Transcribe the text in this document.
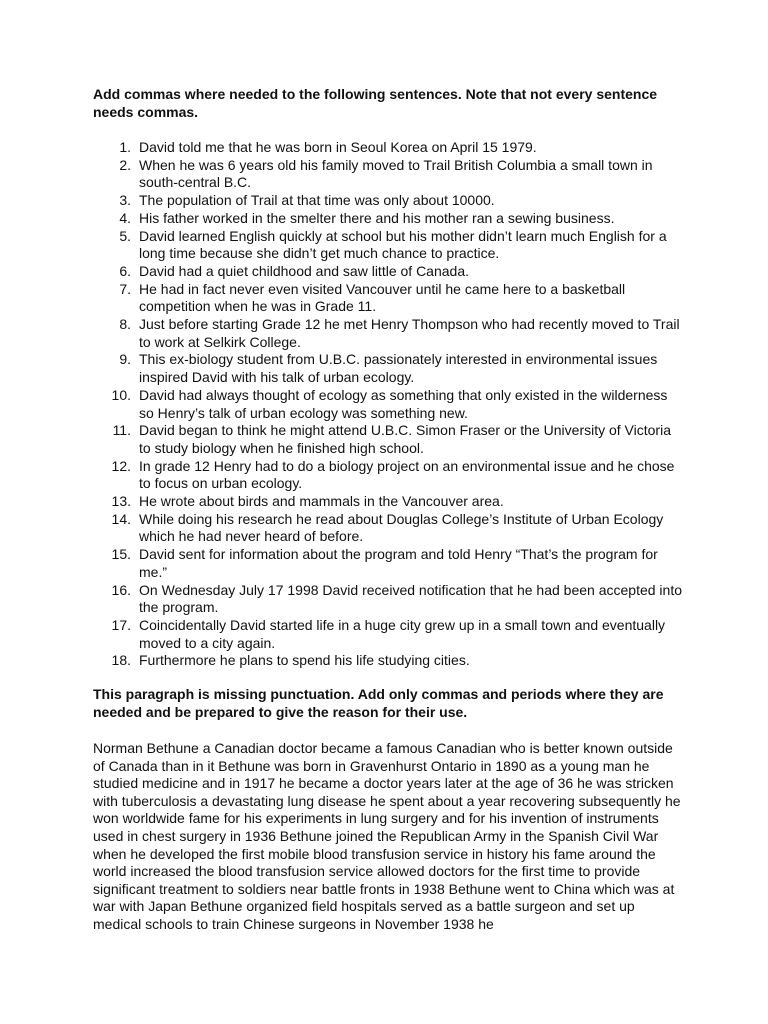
Add commas where needed to the following sentences. Note that not every sentence needs commas.

1. David told me that he was born in Seoul Korea on April 15 1979.
2. When he was 6 years old his family moved to Trail British Columbia a small town in south-central B.C.
3. The population of Trail at that time was only about 10000.
4. His father worked in the smelter there and his mother ran a sewing business.
5. David learned English quickly at school but his mother didn’t learn much English for a long time because she didn’t get much chance to practice.
6. David had a quiet childhood and saw little of Canada.
7. He had in fact never even visited Vancouver until he came here to a basketball competition when he was in Grade 11.
8. Just before starting Grade 12 he met Henry Thompson who had recently moved to Trail to work at Selkirk College.
9. This ex-biology student from U.B.C. passionately interested in environmental issues inspired David with his talk of urban ecology.
10. David had always thought of ecology as something that only existed in the wilderness so Henry’s talk of urban ecology was something new.
11. David began to think he might attend U.B.C. Simon Fraser or the University of Victoria to study biology when he finished high school.
12. In grade 12 Henry had to do a biology project on an environmental issue and he chose to focus on urban ecology.
13. He wrote about birds and mammals in the Vancouver area.
14. While doing his research he read about Douglas College’s Institute of Urban Ecology which he had never heard of before.
15. David sent for information about the program and told Henry “That’s the program for me.”
16. On Wednesday July 17 1998 David received notification that he had been accepted into the program.
17. Coincidentally David started life in a huge city grew up in a small town and eventually moved to a city again.
18. Furthermore he plans to spend his life studying cities.

This paragraph is missing punctuation. Add only commas and periods where they are needed and be prepared to give the reason for their use.

Norman Bethune a Canadian doctor became a famous Canadian who is better known outside of Canada than in it Bethune was born in Gravenhurst Ontario in 1890 as a young man he studied medicine and in 1917 he became a doctor years later at the age of 36 he was stricken with tuberculosis a devastating lung disease he spent about a year recovering subsequently he won worldwide fame for his experiments in lung surgery and for his invention of instruments used in chest surgery in 1936 Bethune joined the Republican Army in the Spanish Civil War when he developed the first mobile blood transfusion service in history his fame around the world increased the blood transfusion service allowed doctors for the first time to provide significant treatment to soldiers near battle fronts in 1938 Bethune went to China which was at war with Japan Bethune organized field hospitals served as a battle surgeon and set up medical schools to train Chinese surgeons in November 1938 he
